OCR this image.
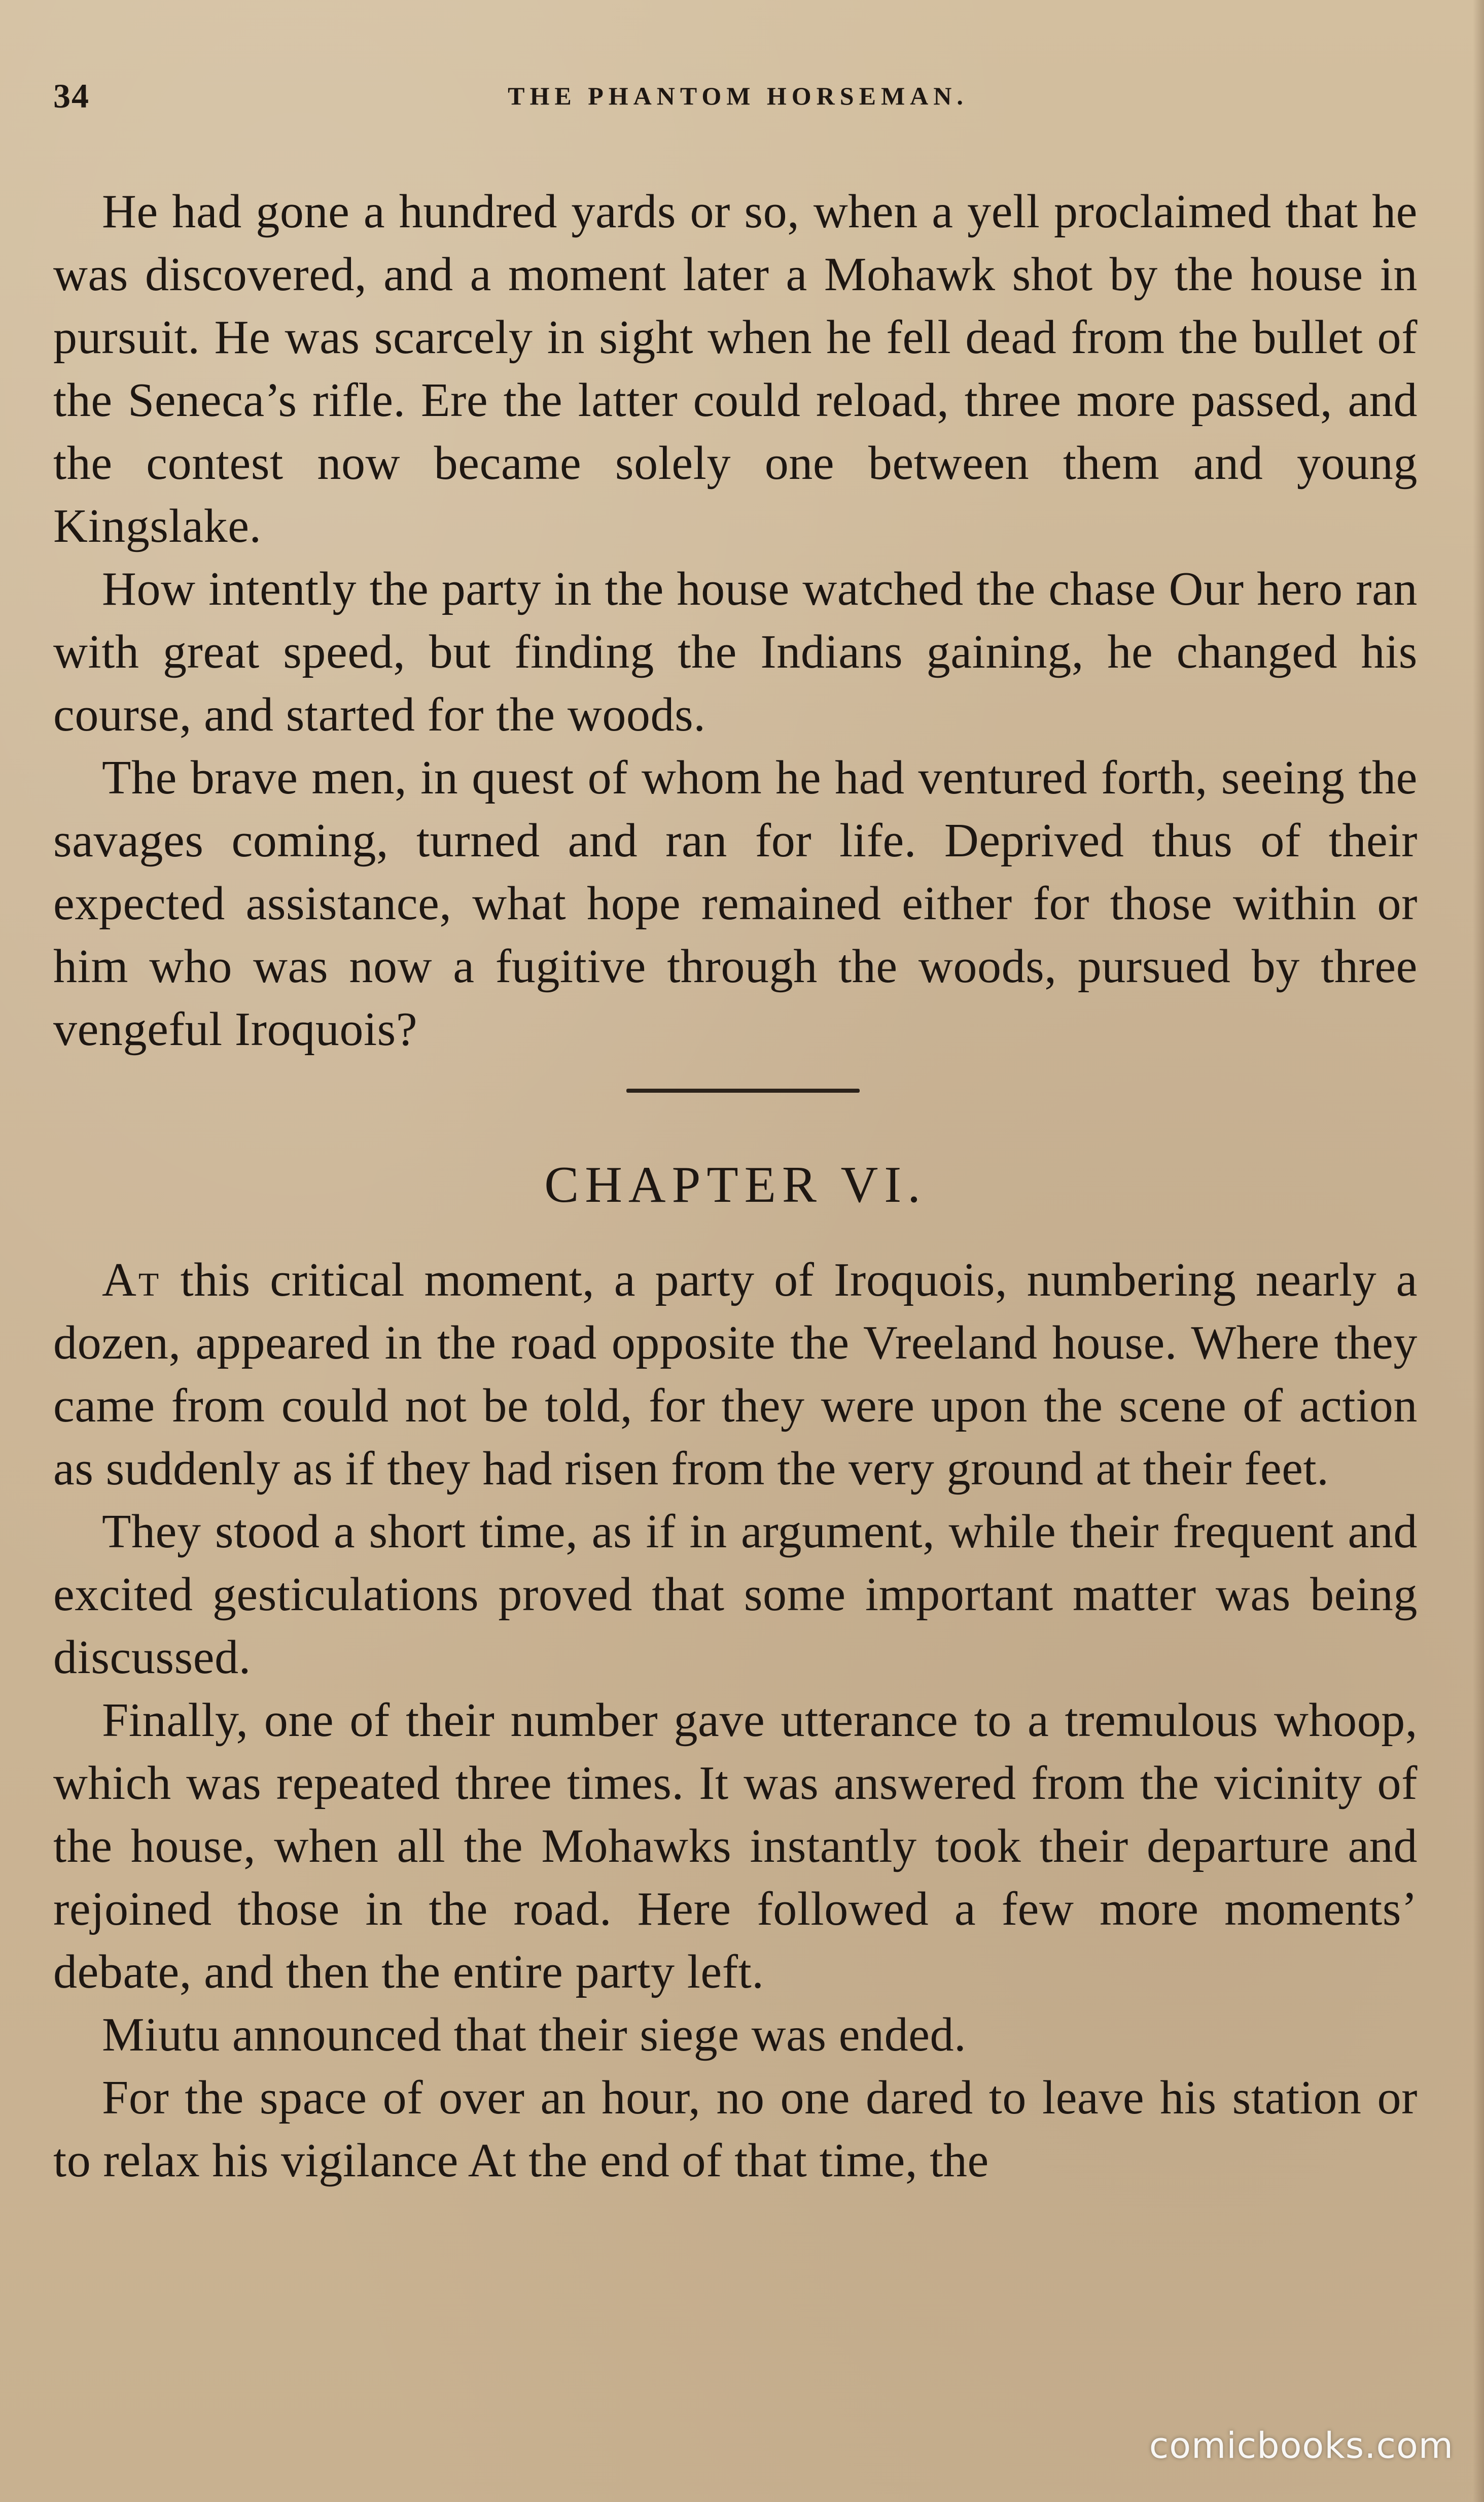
34	THE PHANTOM HORSEMAN.

He had gone a hundred yards or so, when a yell proclaimed that he was discovered, and a moment later a Mohawk shot by the house in pursuit. He was scarcely in sight when he fell dead from the bullet of the Seneca’s rifle. Ere the latter could reload, three more passed, and the contest now became solely one between them and young Kingslake.

How intently the party in the house watched the chase Our hero ran with great speed, but finding the Indians gaining, he changed his course, and started for the woods.

The brave men, in quest of whom he had ventured forth, seeing the savages coming, turned and ran for life. Deprived thus of their expected assistance, what hope remained either for those within or him who was now a fugitive through the woods, pursued by three vengeful Iroquois?

CHAPTER VI.

At this critical moment, a party of Iroquois, numbering nearly a dozen, appeared in the road opposite the Vreeland house. Where they came from could not be told, for they were upon the scene of action as suddenly as if they had risen from the very ground at their feet.

They stood a short time, as if in argument, while their frequent and excited gesticulations proved that some important matter was being discussed.

Finally, one of their number gave utterance to a tremulous whoop, which was repeated three times. It was answered from the vicinity of the house, when all the Mohawks instantly took their departure and rejoined those in the road. Here followed a few more moments’ debate, and then the entire party left.

Miutu announced that their siege was ended.

For the space of over an hour, no one dared to leave his station or to relax his vigilance At the end of that time, the

comicbooks.com
